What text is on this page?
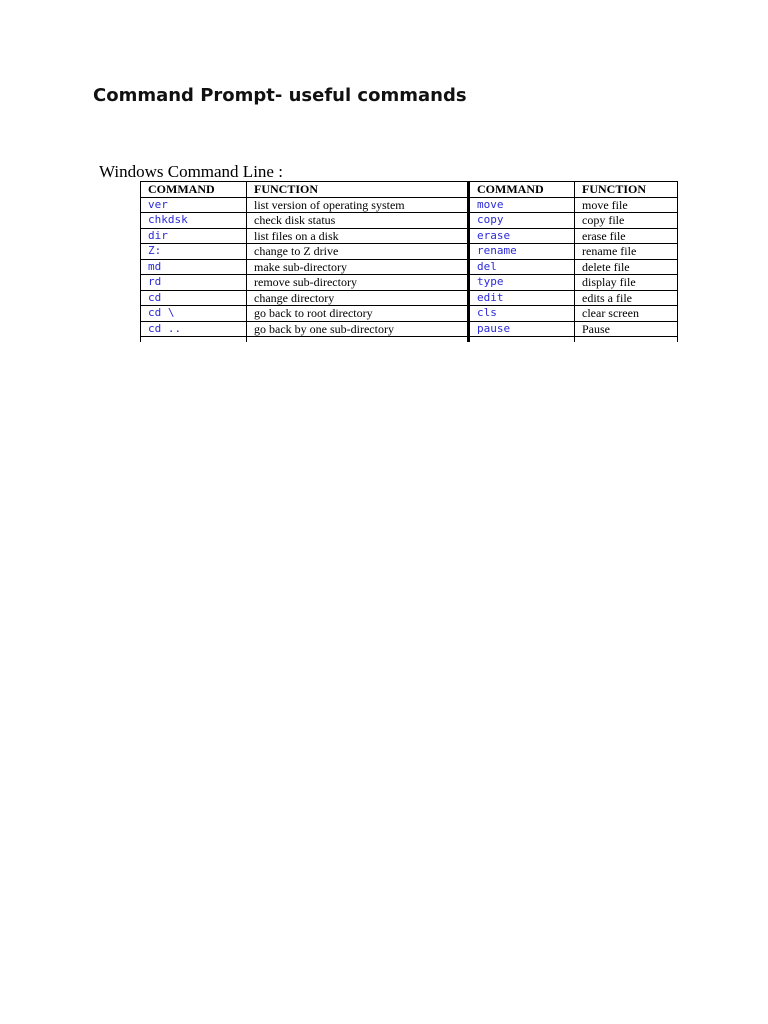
Command Prompt- useful commands
Windows Command Line :
COMMAND	FUNCTION	COMMAND	FUNCTION
ver	list version of operating system	move	move file
chkdsk	check disk status	copy	copy file
dir	list files on a disk	erase	erase file
Z:	change to Z drive	rename	rename file
md	make sub-directory	del	delete file
rd	remove sub-directory	type	display file
cd	change directory	edit	edits a file
cd \	go back to root directory	cls	clear screen
cd ..	go back by one sub-directory	pause	Pause
